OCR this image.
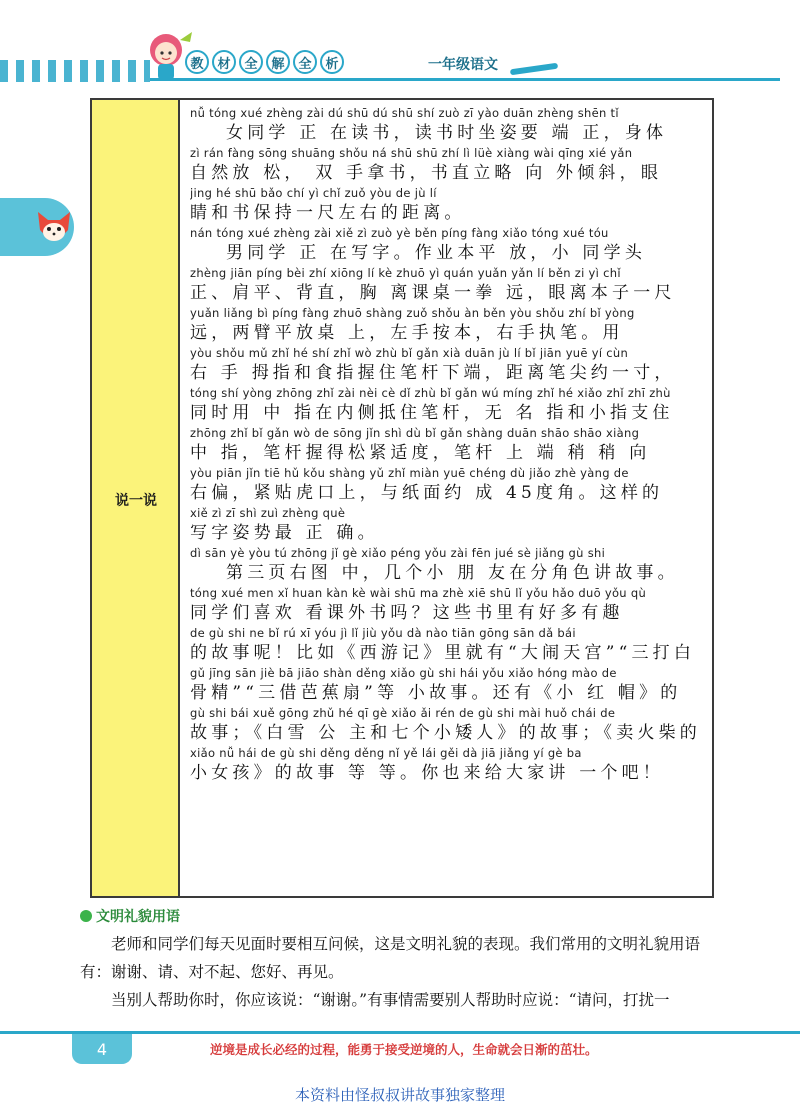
教	材	全	解	全	析	一年级语文
说一说
nǚ tóng xué zhèng zài dú shū dú shū shí zuò zī yào duān zhèng shēn tǐ
女同学 正 在读书，读书时坐姿要 端 正，身体
zì rán fàng sōng shuāng shǒu ná shū shū zhí lì lüè xiàng wài qīng xié yǎn
自然放 松， 双 手拿书，书直立略 向 外倾斜，眼
jing hé shū bǎo chí yì chǐ zuǒ yòu de jù lí
睛和书保持一尺左右的距离。
nán tóng xué zhèng zài xiě zì zuò yè běn píng fàng xiǎo tóng xué tóu
男同学 正 在写字。作业本平 放，小 同学头
zhèng jiān píng bèi zhí xiōng lí kè zhuō yì quán yuǎn yǎn lí běn zi yì chǐ
正、肩平、背直，胸 离课桌一拳 远，眼离本子一尺
yuǎn liǎng bì píng fàng zhuō shàng zuǒ shǒu àn běn yòu shǒu zhí bǐ yòng
远，两臂平放桌 上，左手按本，右手执笔。用
yòu shǒu mǔ zhǐ hé shí zhǐ wò zhù bǐ gǎn xià duān jù lí bǐ jiān yuē yí cùn
右 手 拇指和食指握住笔杆下端，距离笔尖约一寸，
tóng shí yòng zhōng zhǐ zài nèi cè dǐ zhù bǐ gǎn wú míng zhǐ hé xiǎo zhǐ zhī zhù
同时用 中 指在内侧抵住笔杆，无 名 指和小指支住
zhōng zhǐ bǐ gǎn wò de sōng jǐn shì dù bǐ gǎn shàng duān shāo shāo xiàng
中 指，笔杆握得松紧适度，笔杆 上 端 稍 稍 向
yòu piān jǐn tiē hǔ kǒu shàng yǔ zhǐ miàn yuē chéng dù jiǎo zhè yàng de
右偏，紧贴虎口上，与纸面约 成 45度角。这样的
xiě zì zī shì zuì zhèng què
写字姿势最 正 确。
dì sān yè yòu tú zhōng jǐ gè xiǎo péng yǒu zài fēn jué sè jiǎng gù shi
第三页右图 中，几个小 朋 友在分角色讲故事。
tóng xué men xǐ huan kàn kè wài shū ma zhè xiē shū lǐ yǒu hǎo duō yǒu qù
同学们喜欢 看课外书吗？这些书里有好多有趣
de gù shi ne bǐ rú xī yóu jì lǐ jiù yǒu dà nào tiān gōng sān dǎ bái
的故事呢！比如《西游记》里就有“大闹天宫”“三打白
gǔ jīng sān jiè bā jiāo shàn děng xiǎo gù shi hái yǒu xiǎo hóng mào de
骨精”“三借芭蕉扇”等 小故事。还有《小 红 帽》的
gù shi bái xuě gōng zhǔ hé qī gè xiǎo ǎi rén de gù shi mài huǒ chái de
故事；《白雪 公 主和七个小矮人》的故事；《卖火柴的
xiǎo nǚ hái de gù shi děng děng nǐ yě lái gěi dà jiā jiǎng yí gè ba
小女孩》的故事 等 等。你也来给大家讲 一个吧！
文明礼貌用语
老师和同学们每天见面时要相互问候，这是文明礼貌的表现。我们常用的文明礼貌用语有：谢谢、请、对不起、您好、再见。
当别人帮助你时，你应该说：“谢谢。”有事情需要别人帮助时应说：“请问，打扰一
4	逆境是成长必经的过程，能勇于接受逆境的人，生命就会日渐的茁壮。
本资料由怪叔叔讲故事独家整理
